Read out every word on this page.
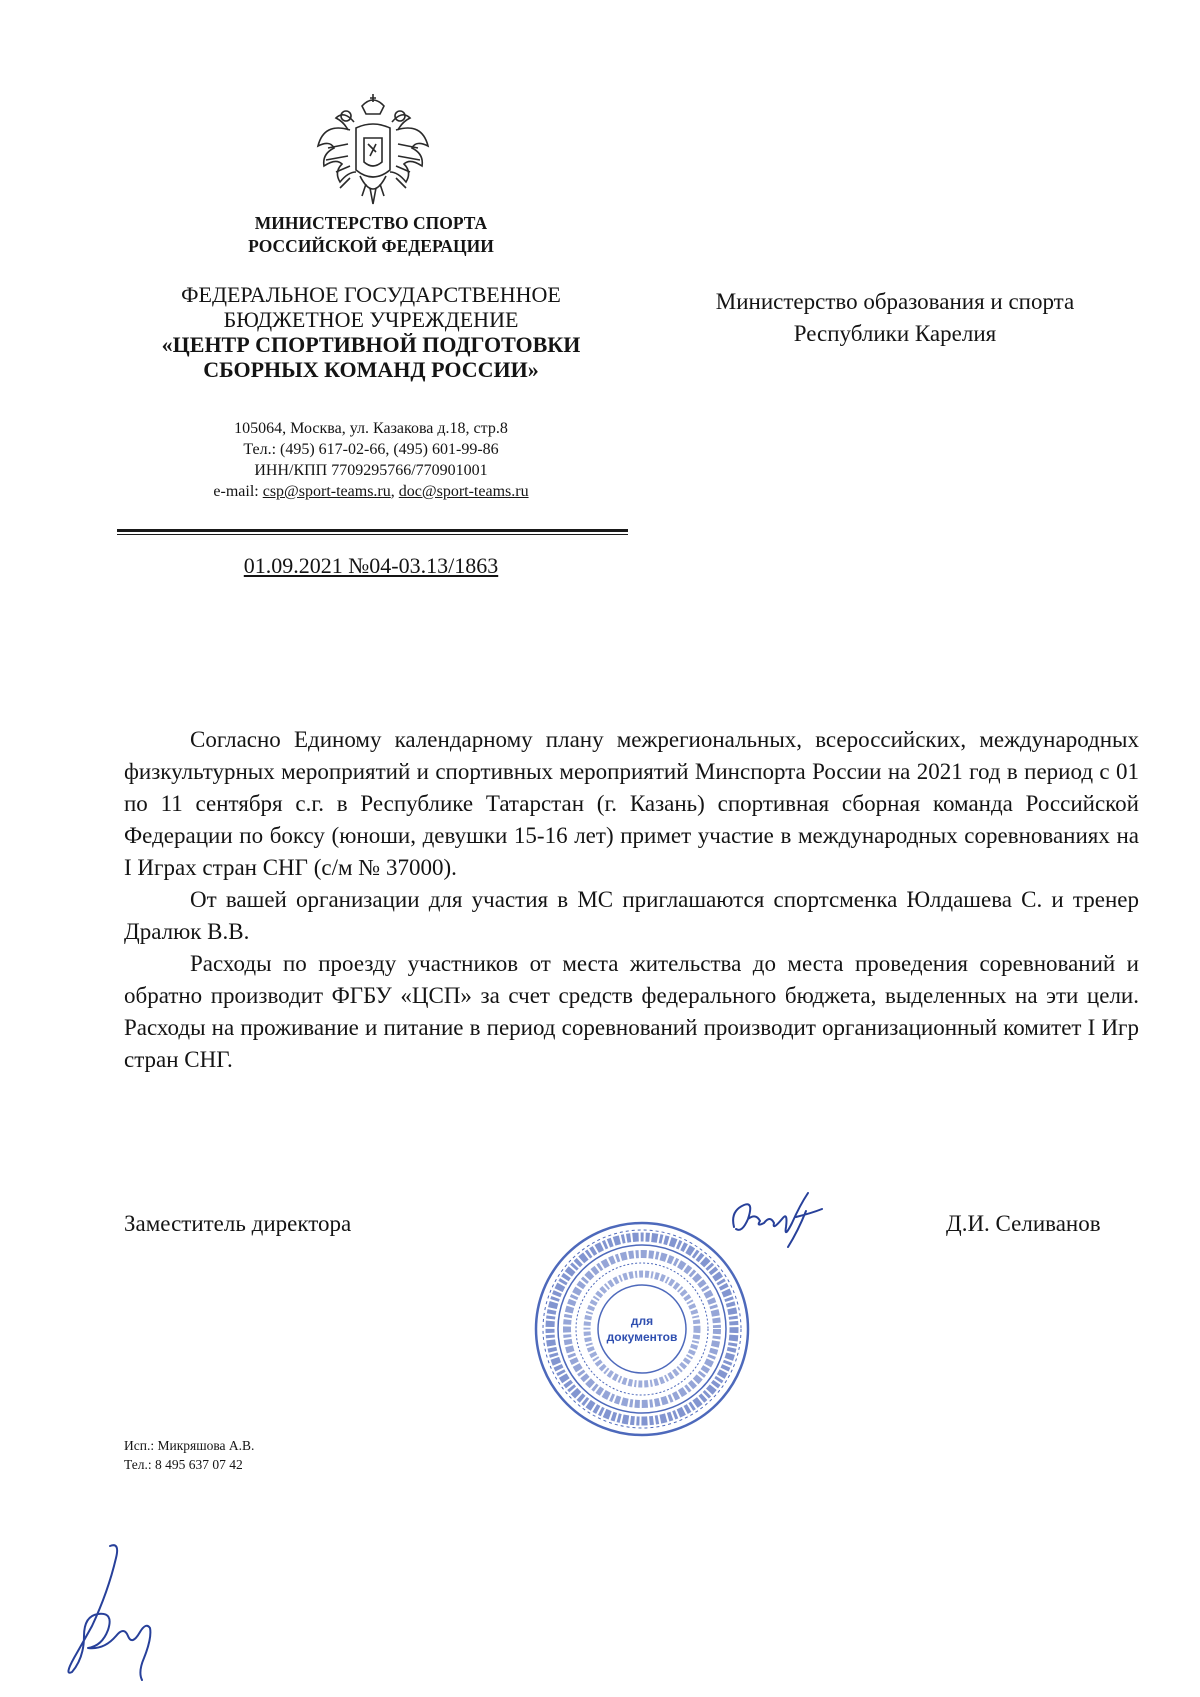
МИНИСТЕРСТВО СПОРТА
РОССИЙСКОЙ ФЕДЕРАЦИИ
ФЕДЕРАЛЬНОЕ ГОСУДАРСТВЕННОЕ
БЮДЖЕТНОЕ УЧРЕЖДЕНИЕ
«ЦЕНТР СПОРТИВНОЙ ПОДГОТОВКИ
СБОРНЫХ КОМАНД РОССИИ»
105064, Москва, ул. Казакова д.18, стр.8
Тел.: (495) 617-02-66, (495) 601-99-86
ИНН/КПП 7709295766/770901001
e-mail: csp@sport-teams.ru, doc@sport-teams.ru
01.09.2021 №04-03.13/1863
Министерство образования и спорта
Республики Карелия

Согласно Единому календарному плану межрегиональных, всероссийских, международных физкультурных мероприятий и спортивных мероприятий Минспорта России на 2021 год в период с 01 по 11 сентября с.г. в Республике Татарстан (г. Казань) спортивная сборная команда Российской Федерации по боксу (юноши, девушки 15-16 лет) примет участие в международных соревнованиях на I Играх стран СНГ (с/м № 37000).

От вашей организации для участия в МС приглашаются спортсменка Юлдашева С. и тренер Дралюк В.В.

Расходы по проезду участников от места жительства до места проведения соревнований и обратно производит ФГБУ «ЦСП» за счет средств федерального бюджета, выделенных на эти цели. Расходы на проживание и питание в период соревнований производит организационный комитет I Игр стран СНГ.

Заместитель директора	Д.И. Селиванов
для
документов
Исп.: Микряшова А.В.
Тел.: 8 495 637 07 42
